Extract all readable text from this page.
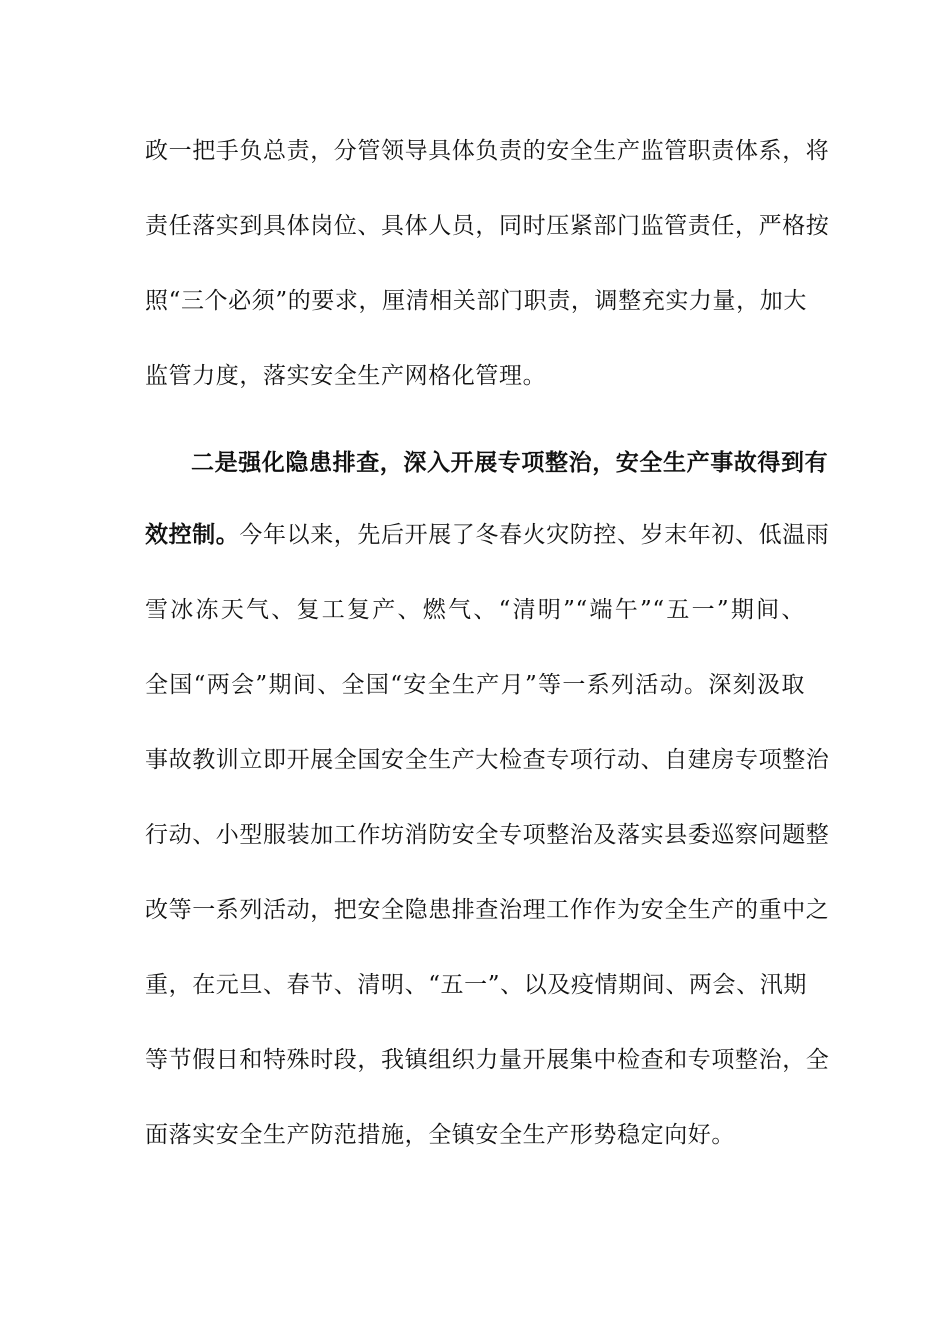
政一把手负总责，分管领导具体负责的安全生产监管职责体系，将
责任落实到具体岗位、具体人员，同时压紧部门监管责任，严格按
照“三个必须”的要求，厘清相关部门职责，调整充实力量，加大
监管力度，落实安全生产网格化管理。
二是强化隐患排查，深入开展专项整治，安全生产事故得到有
效控制。今年以来，先后开展了冬春火灾防控、岁末年初、低温雨
雪冰冻天气、复工复产、燃气、“清明”“端午”“五一”期间、
全国“两会”期间、全国“安全生产月”等一系列活动。深刻汲取
事故教训立即开展全国安全生产大检查专项行动、自建房专项整治
行动、小型服装加工作坊消防安全专项整治及落实县委巡察问题整
改等一系列活动，把安全隐患排查治理工作作为安全生产的重中之
重，在元旦、春节、清明、“五一”、以及疫情期间、两会、汛期
等节假日和特殊时段，我镇组织力量开展集中检查和专项整治，全
面落实安全生产防范措施，全镇安全生产形势稳定向好。
